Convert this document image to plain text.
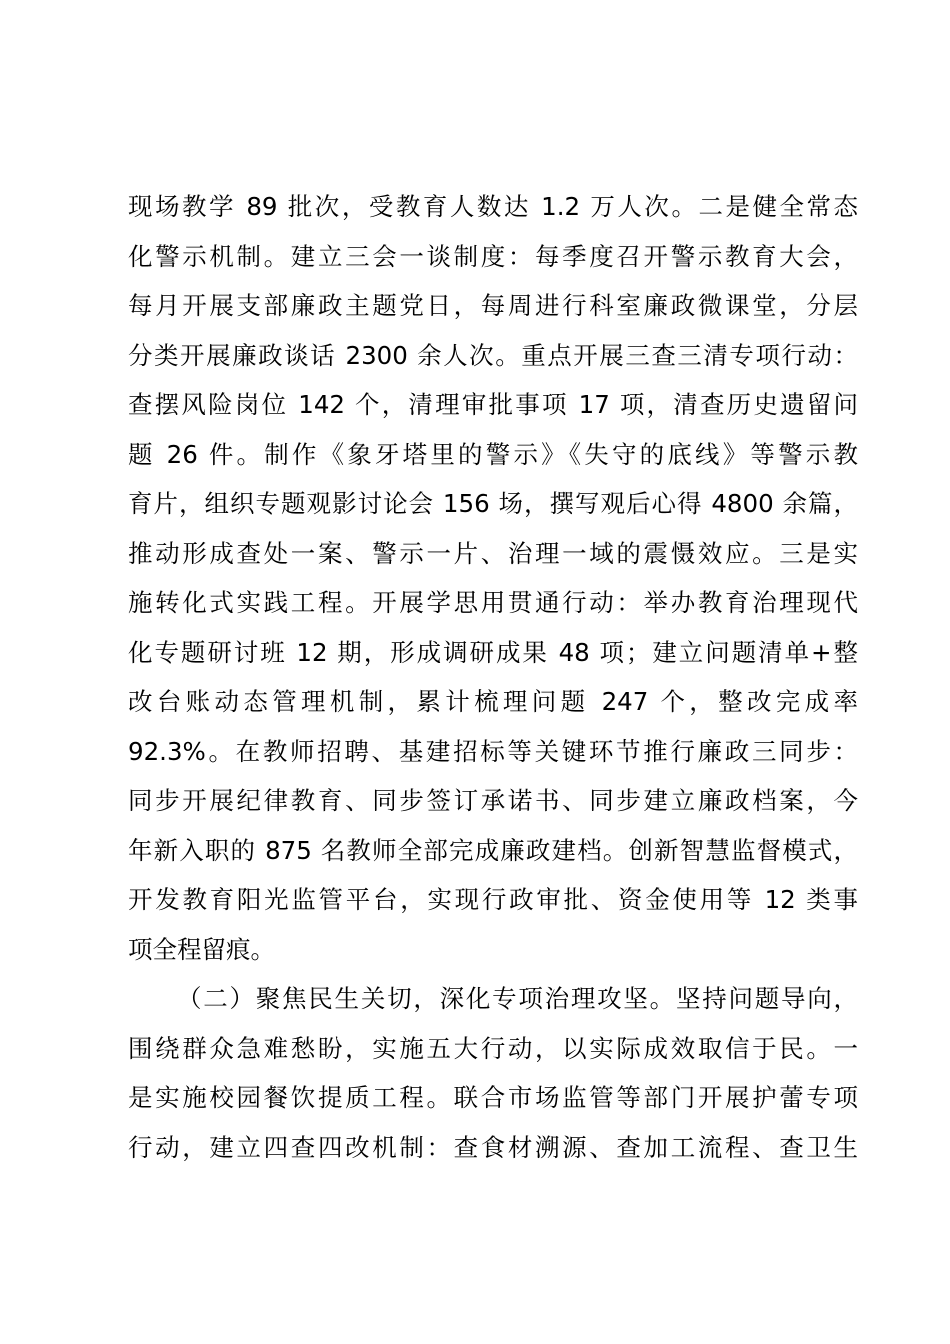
现场教学 89 批次，受教育人数达 1.2 万人次。二是健全常态
化警示机制。建立三会一谈制度：每季度召开警示教育大会，
每月开展支部廉政主题党日，每周进行科室廉政微课堂，分层
分类开展廉政谈话 2300 余人次。重点开展三查三清专项行动：
查摆风险岗位 142 个，清理审批事项 17 项，清查历史遗留问
题 26 件。制作《象牙塔里的警示》《失守的底线》等警示教
育片，组织专题观影讨论会 156 场，撰写观后心得 4800 余篇，
推动形成查处一案、警示一片、治理一域的震慑效应。三是实
施转化式实践工程。开展学思用贯通行动：举办教育治理现代
化专题研讨班 12 期，形成调研成果 48 项；建立问题清单+整
改台账动态管理机制，累计梳理问题 247 个，整改完成率
92.3%。在教师招聘、基建招标等关键环节推行廉政三同步：
同步开展纪律教育、同步签订承诺书、同步建立廉政档案，今
年新入职的 875 名教师全部完成廉政建档。创新智慧监督模式，
开发教育阳光监管平台，实现行政审批、资金使用等 12 类事
项全程留痕。
（二）聚焦民生关切，深化专项治理攻坚。坚持问题导向，
围绕群众急难愁盼，实施五大行动，以实际成效取信于民。一
是实施校园餐饮提质工程。联合市场监管等部门开展护蕾专项
行动，建立四查四改机制：查食材溯源、查加工流程、查卫生
